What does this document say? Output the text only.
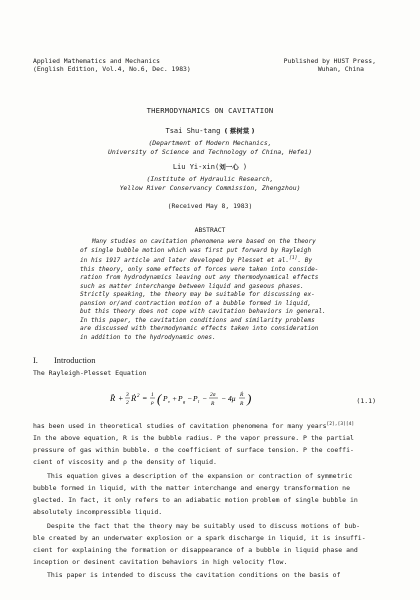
Applied Mathematics and Mechanics
(English Edition, Vol.4, No.6, Dec. 1983)
Published by HUST Press,
Wuhan, China
THERMODYNAMICS ON CAVITATION
Tsai Shu-tang ( 蔡树棠 )
(Department of Modern Mechanics,
University of Science and Technology of China, Hefei)
Liu Yi-xin(刘一心 )
(Institute of Hydraulic Research,
Yellow River Conservancy Commission, Zhengzhou)
(Received May 8, 1983)
ABSTRACT
Many studies on cavitation phenomena were based on the theory
of single bubble motion which was first put forward by Rayleigh
in his 1917 article and later developed by Plesset et al.[1]. By
this theory, only some effects of forces were taken into conside-
ration from hydrodynamics leaving out any thermodynamical effects
such as matter interchange between liquid and gaseous phases.
Strictly speaking, the theory may be suitable for discussing ex-
pansion or/and contraction motion of a bubble formed in liquid,
but this theory does not cope with cavitation behaviors in general.
In this paper, the cavitation conditions and similarity problems
are discussed with thermodynamic effects taken into consideration
in addition to the hydrodynamic ones.
I. Introduction
The Rayleigh-Plesset Equation
R̈ + 3
2 Ṙ 2 = 1
ρ ( P v + P g − P l − 2σ
R
− 4μ Ṙ
R )	(1.1)
has been used in theoretical studies of cavitation phenomena for many years[2],[3][4]
In the above equation, R is the bubble radius. P the vapor pressure. P the partial
pressure of gas within bubble. σ the coefficient of surface tension. P the coeffi-
cient of viscosity and ρ the density of liquid.
This equation gives a description of the expansion or contraction of symmetric
bubble formed in liquid, with the matter interchange and energy transformation ne
glected. In fact, it only refers to an adiabatic motion problem of single bubble in
absolutely incompressible liquid.
Despite the fact that the theory may be suitably used to discuss motions of bub-
ble created by an underwater explosion or a spark discharge in liquid, it is insuffi-
cient for explaining the formation or disappearance of a bubble in liquid phase and
inception or desinent cavitation behaviors in high velocity flow.
This paper is intended to discuss the cavitation conditions on the basis of
